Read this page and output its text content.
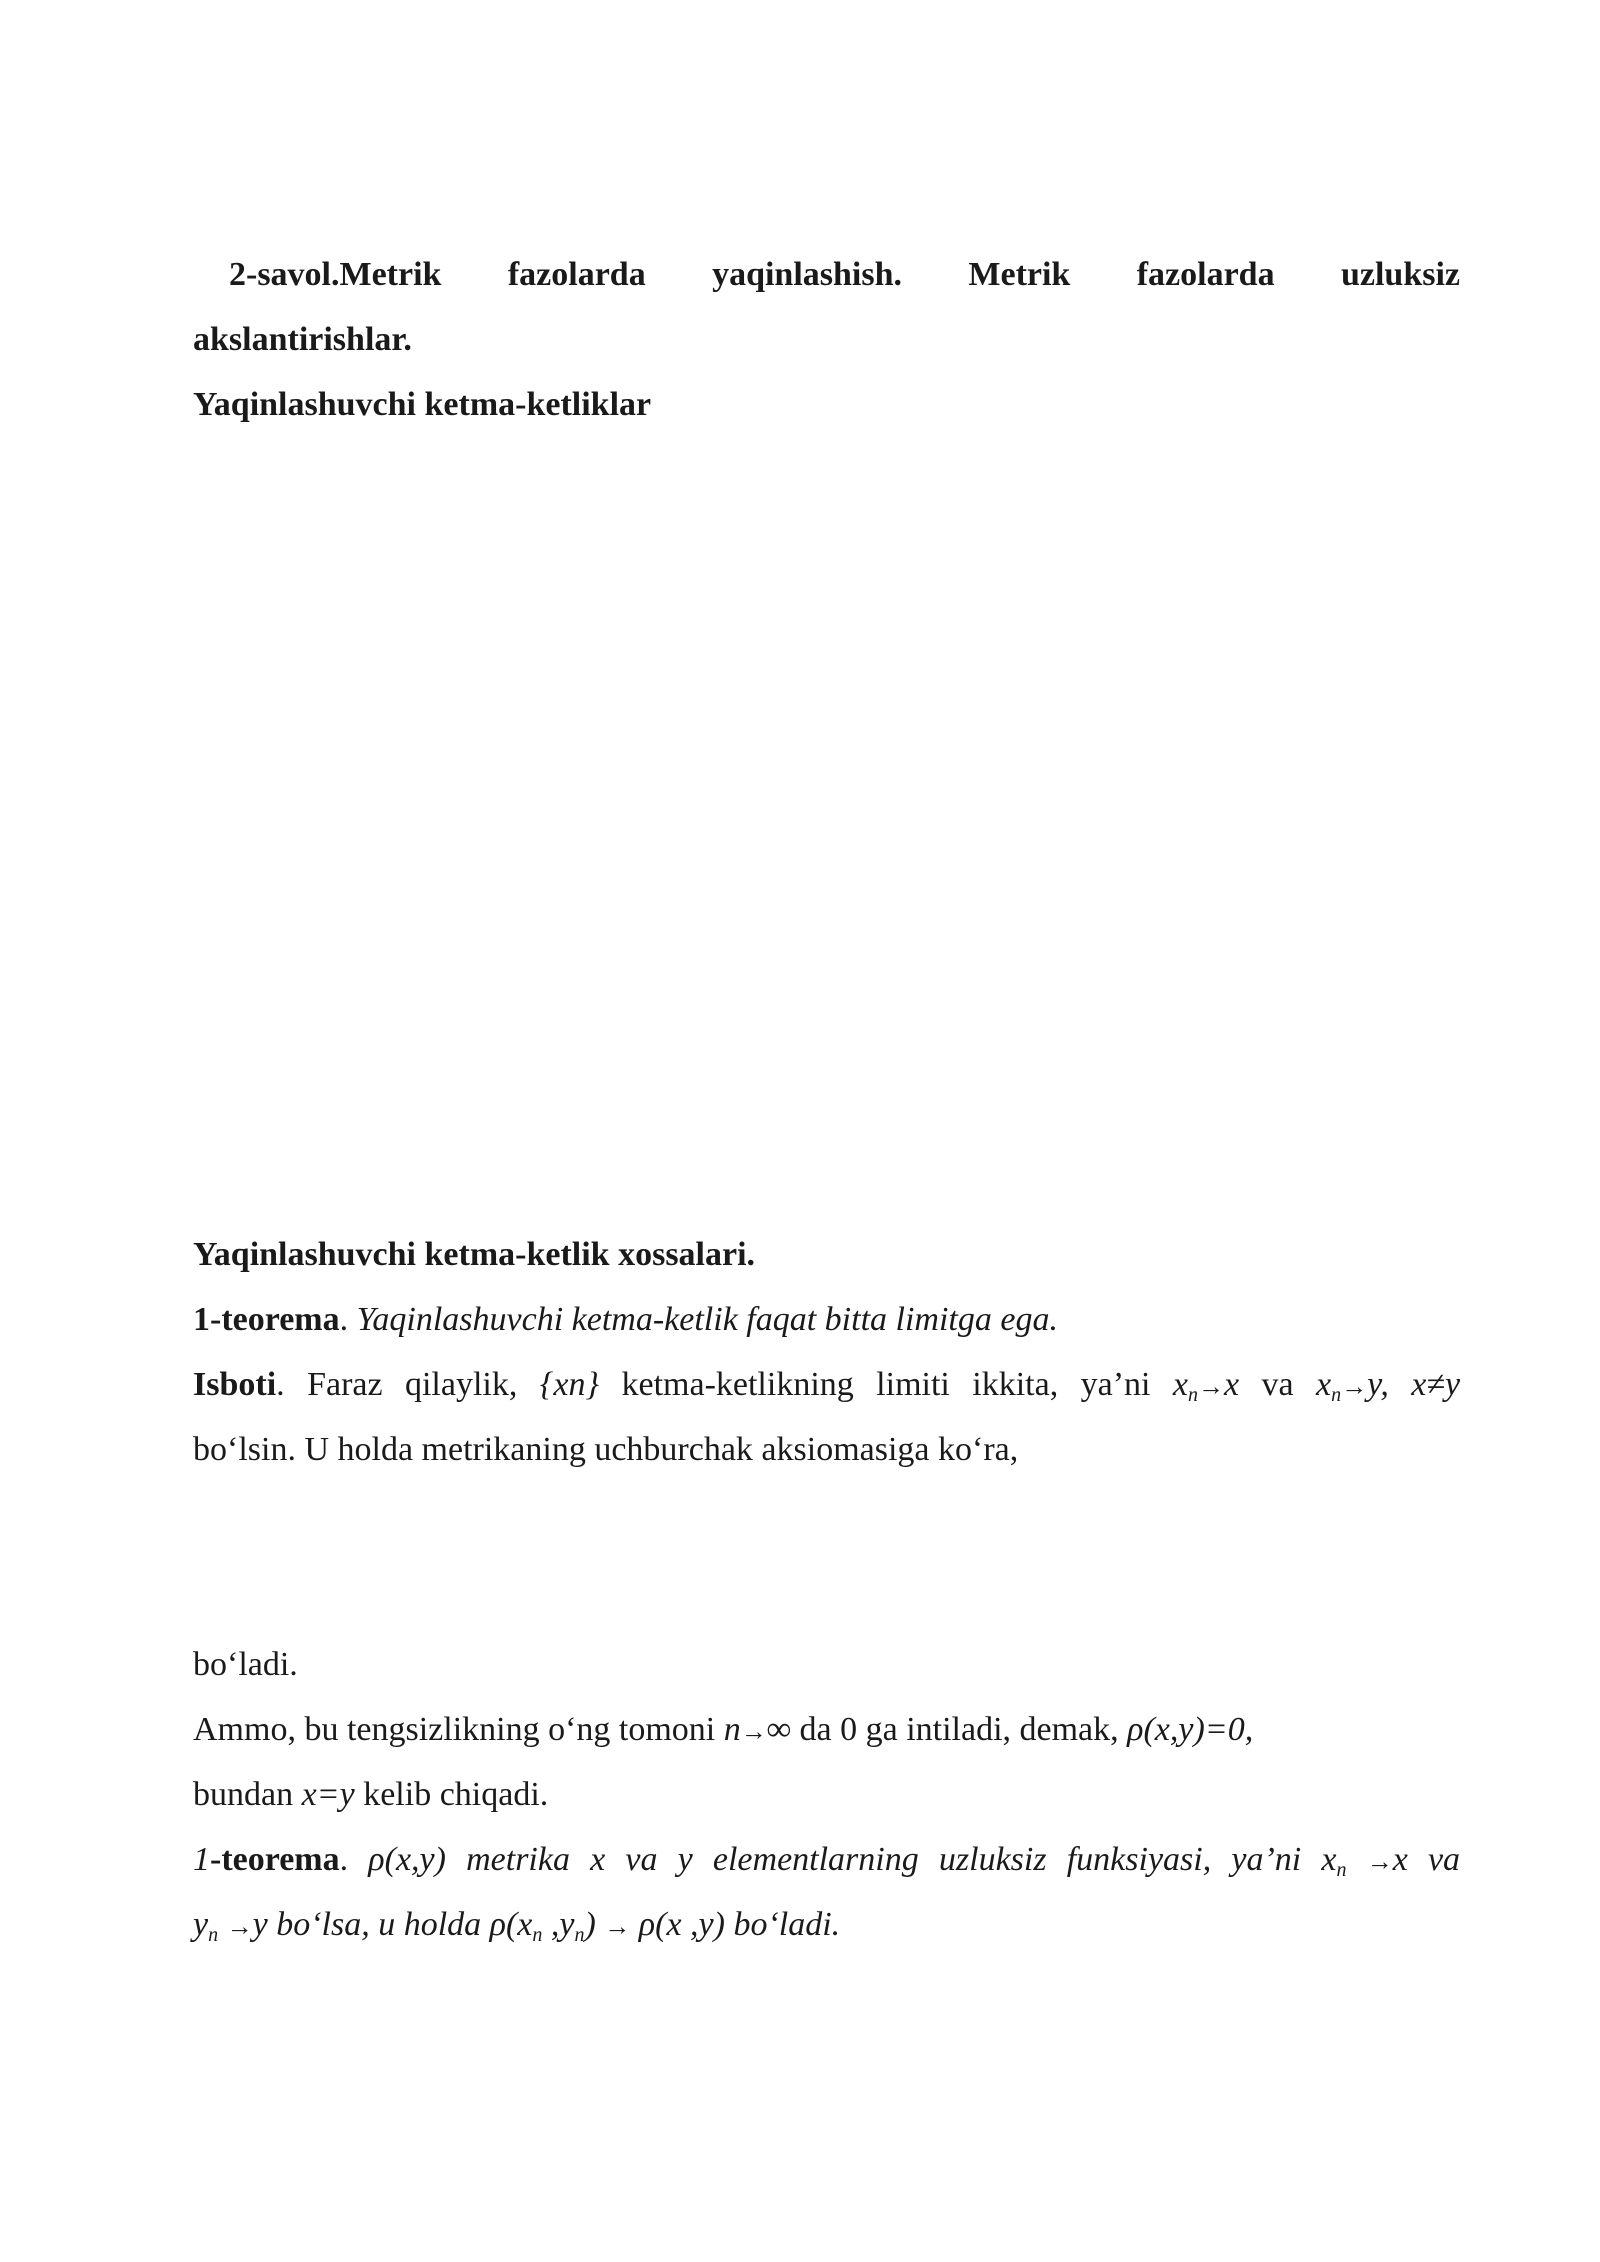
2-savol.Metrik fazolarda yaqinlashish. Metrik fazolarda uzluksiz

akslantirishlar.

Yaqinlashuvchi ketma-ketliklar

Yaqinlashuvchi ketma-ketlik xossalari.

1-teorema. Yaqinlashuvchi ketma-ketlik faqat bitta limitga ega.

Isboti. Faraz qilaylik, {xn} ketma-ketlikning limiti ikkita, ya’ni $x_n\to x$ va $x_n\to y$, x≠y

bo‘lsin. U holda metrikaning uchburchak aksiomasiga ko‘ra,

bo‘ladi.

Ammo, bu tengsizlikning o‘ng tomoni n→∞ da 0 ga intiladi, demak, ρ(x,y)=0,

bundan x=y kelib chiqadi.

1-teorema. ρ(x,y) metrika x va y elementlarning uzluksiz funksiyasi, ya’ni $x_n \to x$ va

$y_n \to y$ bo‘lsa, u holda $\rho(x_n$ $,y_n) \to \rho(x$ ,y) bo‘ladi.
